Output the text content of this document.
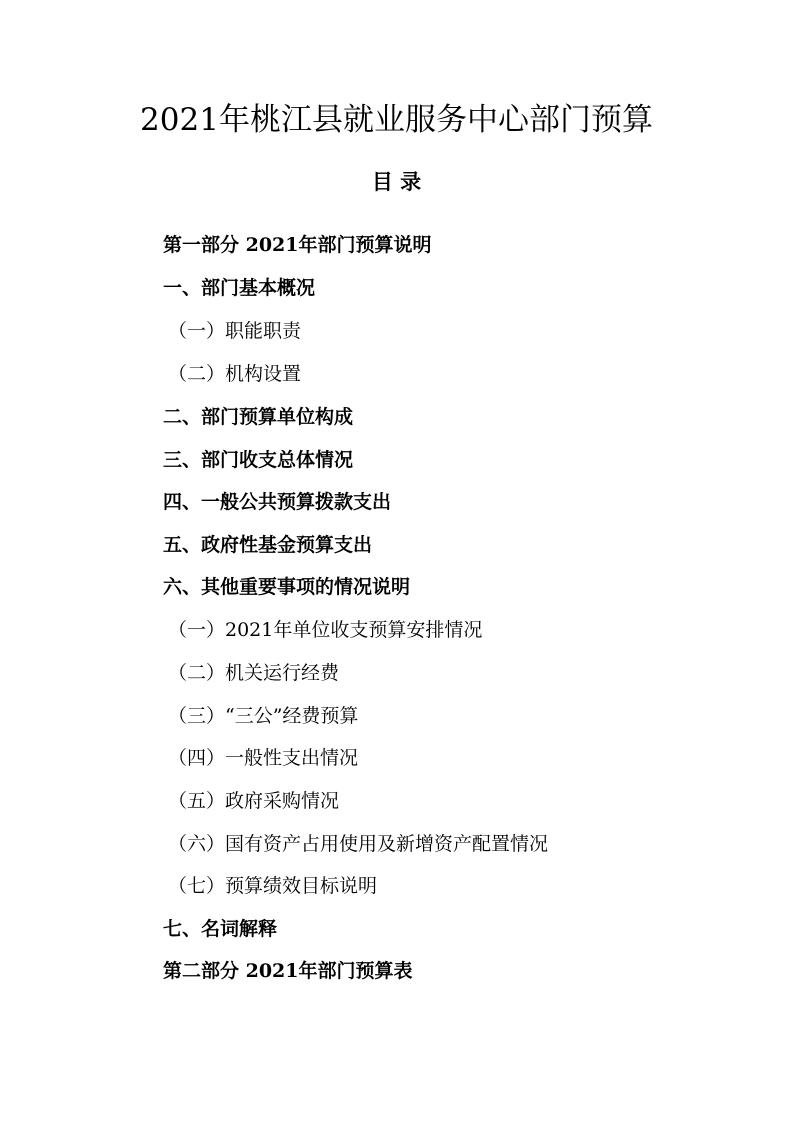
2021年桃江县就业服务中心部门预算
目 录
第一部分 2021年部门预算说明
一、部门基本概况
（一）职能职责
（二）机构设置
二、部门预算单位构成
三、部门收支总体情况
四、一般公共预算拨款支出
五、政府性基金预算支出
六、其他重要事项的情况说明
（一）2021年单位收支预算安排情况
（二）机关运行经费
（三）“三公”经费预算
（四）一般性支出情况
（五）政府采购情况
（六）国有资产占用使用及新增资产配置情况
（七）预算绩效目标说明
七、名词解释
第二部分 2021年部门预算表
